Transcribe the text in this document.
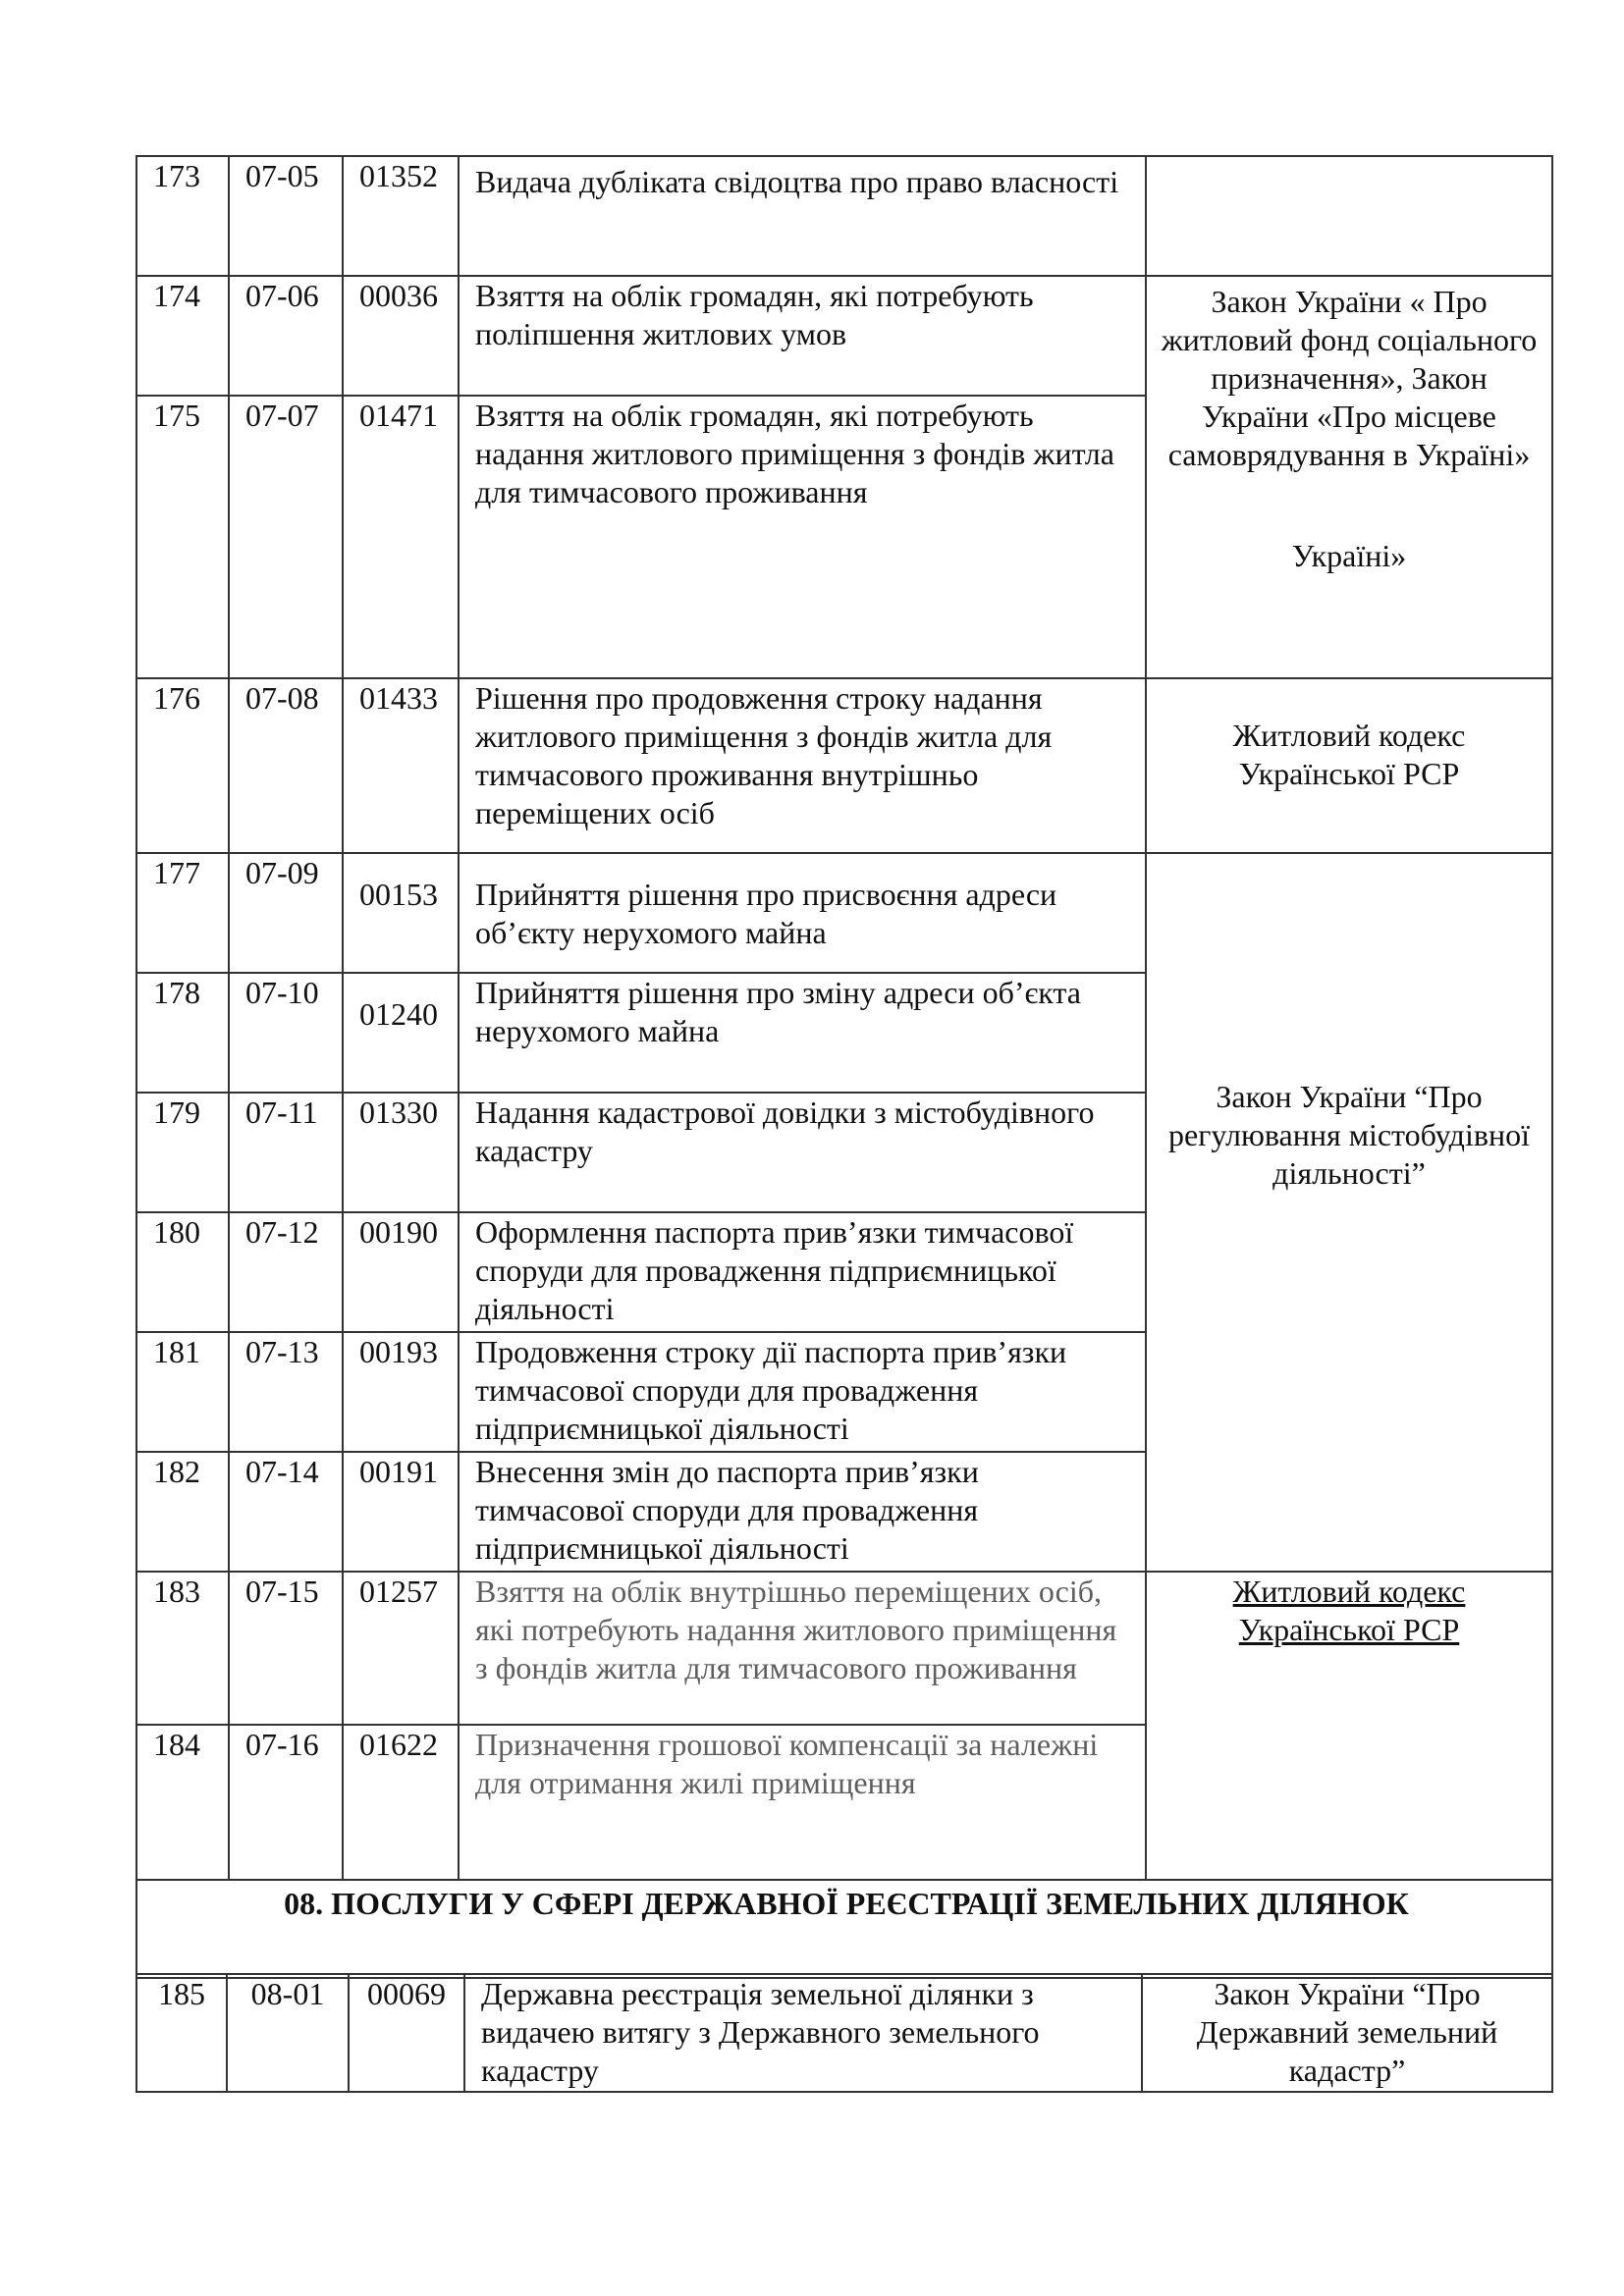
173	07-05	01352	Видача дубліката свідоцтва про право власності	
174	07-06	00036	Взяття на облік громадян, які потребують поліпшення житлових умов	Закон України « Про житловий фонд соціального призначення», Закон України «Про місцеве самоврядування в Україні»
Україні»

175	07-07	01471	Взяття на облік громадян, які потребують надання житлового приміщення з фондів житла для тимчасового проживання	
176	07-08	01433	Рішення про продовження строку надання житлового приміщення з фондів житла для тимчасового проживання внутрішньо переміщених осіб	Житловий кодекс Української РСР
177	07-09	00153	Прийняття рішення про присвоєння адреси об’єкту нерухомого майна	Закон України “Про регулювання містобудівної діяльності”
178	07-10	01240	Прийняття рішення про зміну адреси об’єкта нерухомого майна	
179	07-11	01330	Надання кадастрової довідки з містобудівного кадастру	
180	07-12	00190	Оформлення паспорта прив’язки тимчасової споруди для провадження підприємницької діяльності	
181	07-13	00193	Продовження строку дії паспорта прив’язки тимчасової споруди для провадження підприємницької діяльності	
182	07-14	00191	Внесення змін до паспорта прив’язки тимчасової споруди для провадження підприємницької діяльності	
183	07-15	01257	Взяття на облік внутрішньо переміщених осіб, які потребують надання житлового приміщення з фондів житла для тимчасового проживання	Житловий кодекс Української РСР
184	07-16	01622	Призначення грошової компенсації за належні для отримання жилі приміщення	
08. ПОСЛУГИ У СФЕРІ ДЕРЖАВНОЇ РЕЄСТРАЦІЇ ЗЕМЕЛЬНИХ ДІЛЯНОК				
185	08-01	00069	Державна реєстрація земельної ділянки з видачею витягу з Державного земельного кадастру	Закон України “Про Державний земельний кадастр”
